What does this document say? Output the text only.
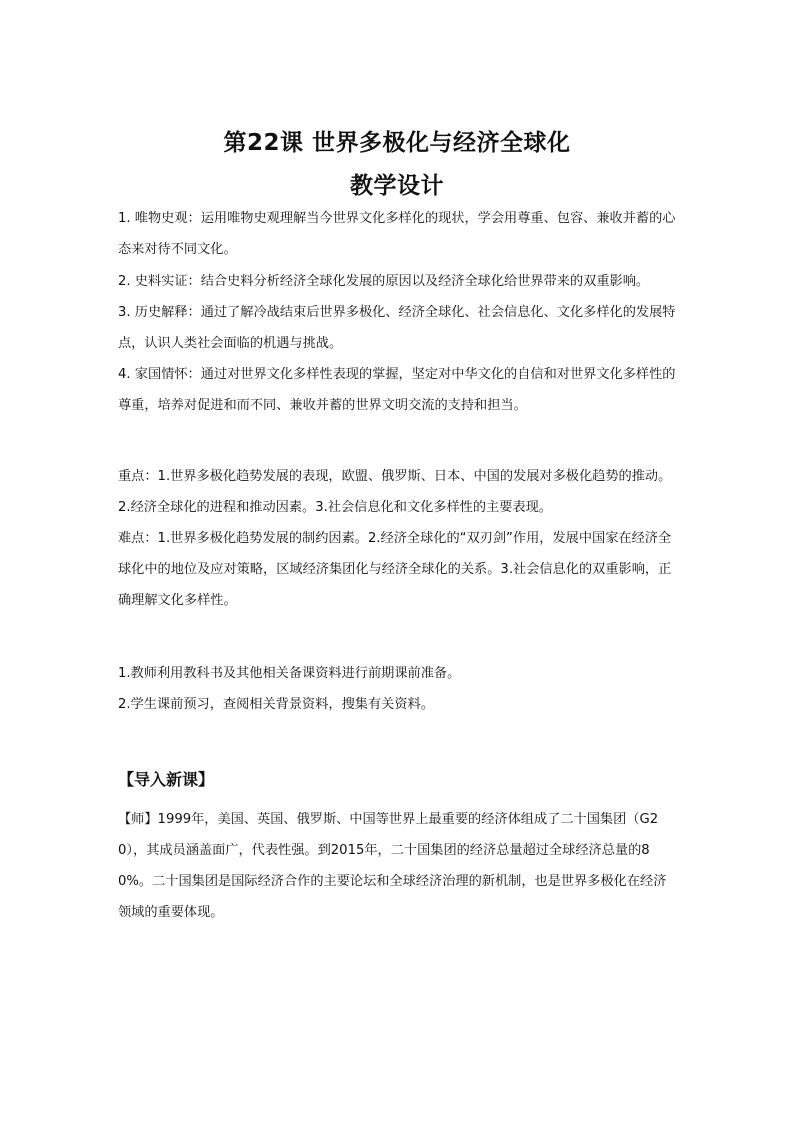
第22课 世界多极化与经济全球化
教学设计

1. 唯物史观：运用唯物史观理解当今世界文化多样化的现状，学会用尊重、包容、兼收并蓄的心态来对待不同文化。

2. 史料实证：结合史料分析经济全球化发展的原因以及经济全球化给世界带来的双重影响。

3. 历史解释：通过了解冷战结束后世界多极化、经济全球化、社会信息化、文化多样化的发展特点，认识人类社会面临的机遇与挑战。

4. 家国情怀：通过对世界文化多样性表现的掌握，坚定对中华文化的自信和对世界文化多样性的尊重，培养对促进和而不同、兼收并蓄的世界文明交流的支持和担当。

重点：1.世界多极化趋势发展的表现，欧盟、俄罗斯、日本、中国的发展对多极化趋势的推动。2.经济全球化的进程和推动因素。3.社会信息化和文化多样性的主要表现。

难点：1.世界多极化趋势发展的制约因素。2.经济全球化的“双刃剑”作用，发展中国家在经济全球化中的地位及应对策略，区域经济集团化与经济全球化的关系。3.社会信息化的双重影响，正确理解文化多样性。

1.教师利用教科书及其他相关备课资料进行前期课前准备。

2.学生课前预习，查阅相关背景资料，搜集有关资料。

【导入新课】

【师】1999年，美国、英国、俄罗斯、中国等世界上最重要的经济体组成了二十国集团（G20），其成员涵盖面广，代表性强。到2015年，二十国集团的经济总量超过全球经济总量的80%。二十国集团是国际经济合作的主要论坛和全球经济治理的新机制，也是世界多极化在经济领域的重要体现。
